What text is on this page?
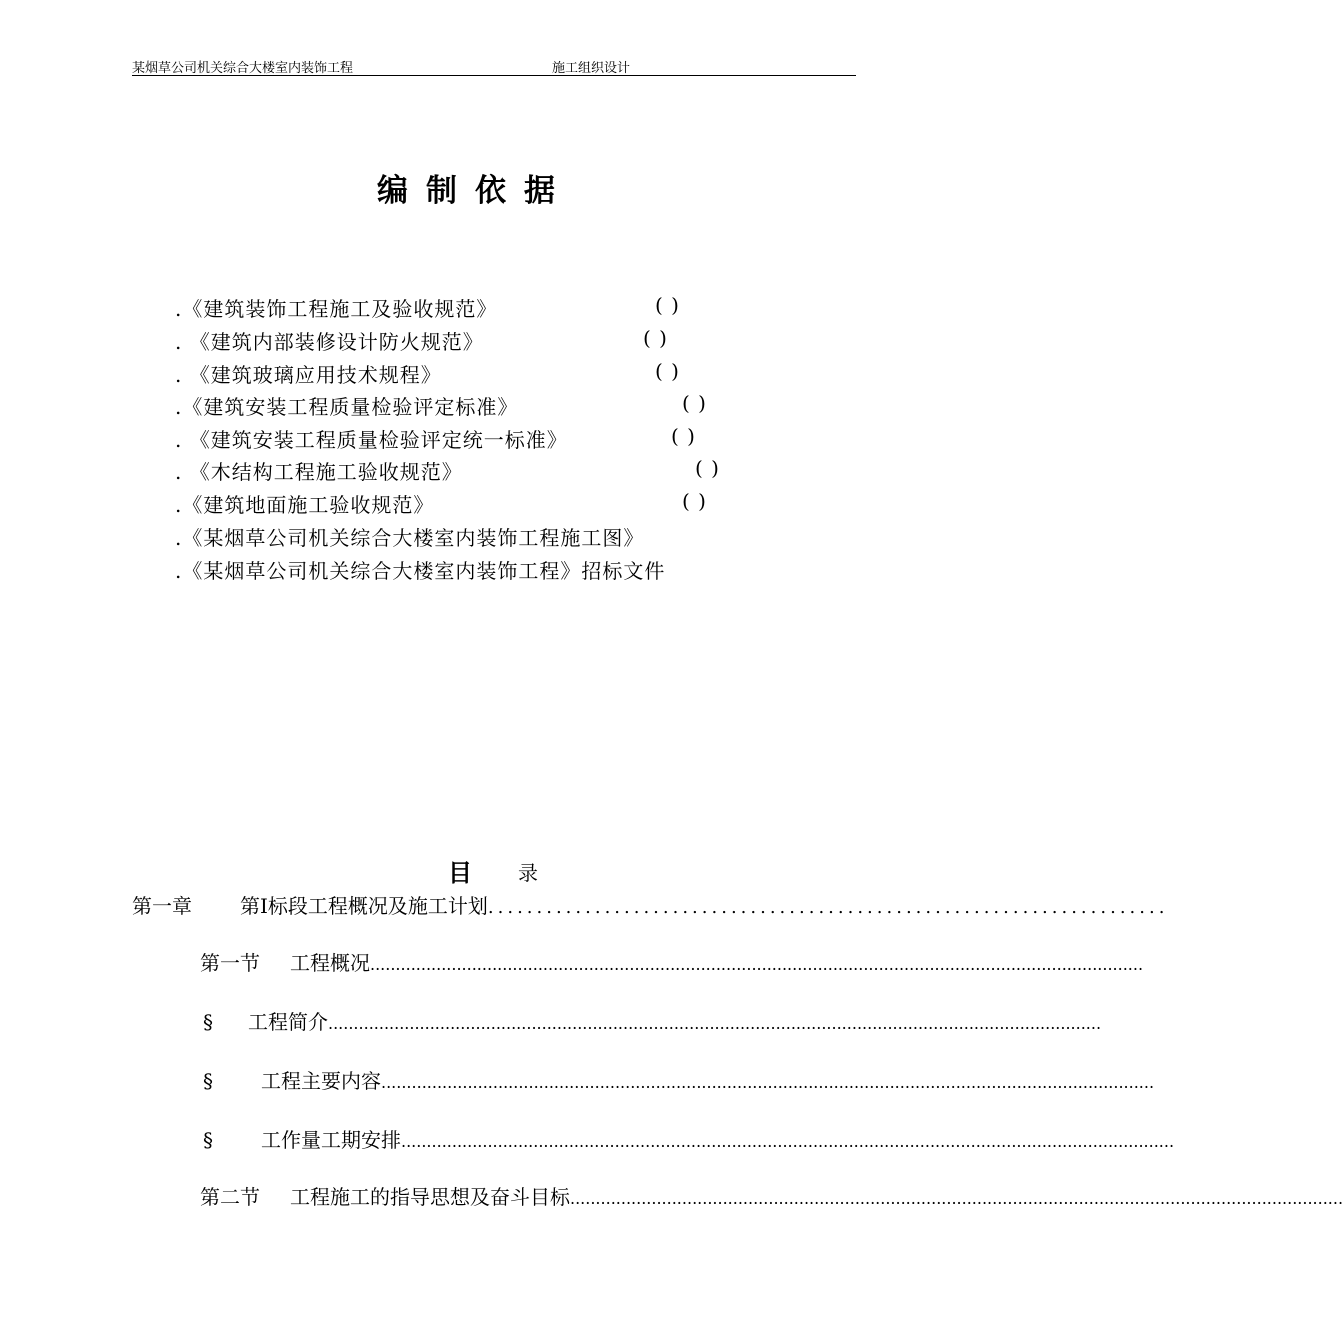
某烟草公司机关综合大楼室内装饰工程	施工组织设计
编制依据
.《建筑装饰工程施工及验收规范》	( )
. 《建筑内部装修设计防火规范》	( )
. 《建筑玻璃应用技术规程》	( )
.《建筑安装工程质量检验评定标准》	( )
. 《建筑安装工程质量检验评定统一标准》	( )
. 《木结构工程施工验收规范》	( )
.《建筑地面施工验收规范》	( )
.《某烟草公司机关综合大楼室内装饰工程施工图》
.《某烟草公司机关综合大楼室内装饰工程》招标文件
目 录
第一章	第Ⅰ标段工程概况及施工计划 ......................................................................
第一节	工程概况 ........................................................................................................................................................
§	工程简介 ........................................................................................................................................................
§	工程主要内容 ........................................................................................................................................................
§	工作量工期安排 ........................................................................................................................................................
第二节	工程施工的指导思想及奋斗目标 ........................................................................................................................................................
